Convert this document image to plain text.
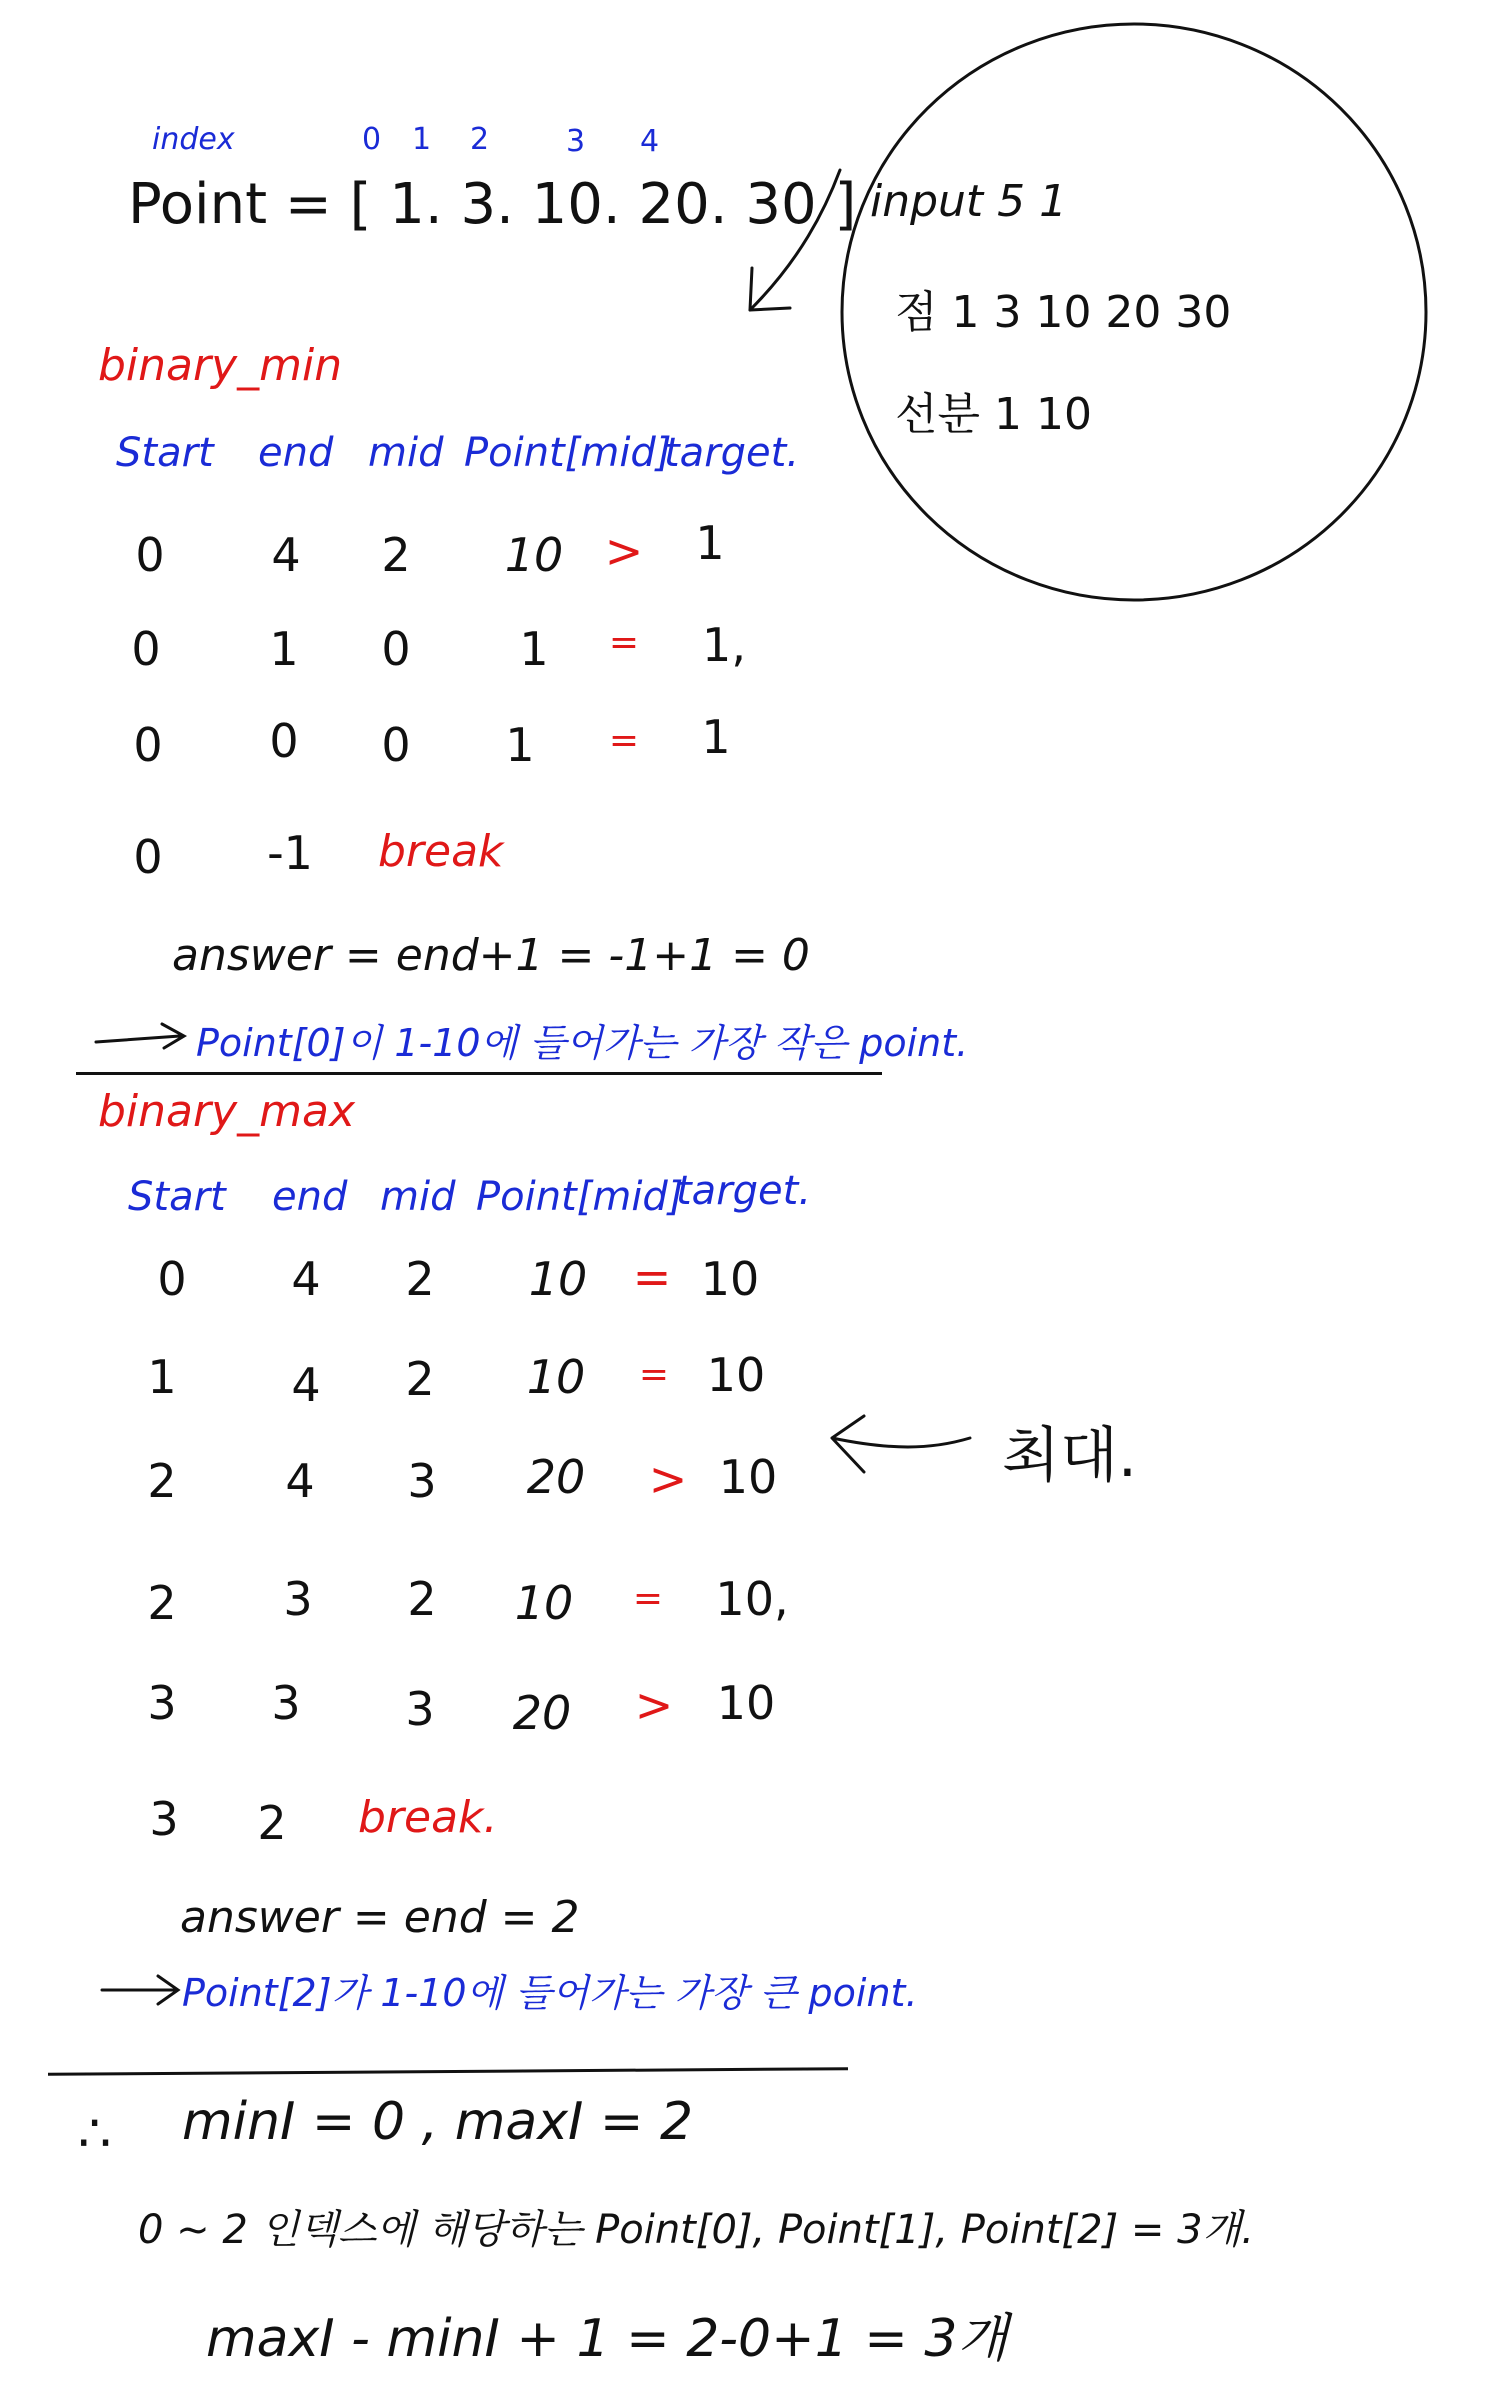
index	0 1 2	3 4
Point = [ 1. 3. 10. 20. 30 ] input 5 1
점 1 3 10 20 30
선분 1 10
binary_min
Start end mid Point[mid]
target.
0 4 2 10 > 1
0 1 0 1 = 1,
0 0 0 1 = 1
0 -1 break
answer = end+1 = -1+1 = 0
Point[0]이 1-10에 들어가는 가장 작은 point.
binary_max
Start end mid Point[mid]
target.
0 4 2 10 = 10
1 4 2 10 = 10
2 4 3 20 > 10
2 3 2 10 = 10,
3 3 3 20 > 10
3 2 break.
최대.
answer = end = 2
Point[2]가 1-10에 들어가는 가장 큰 point.
∴ minI = 0 , maxI = 2
0 ~ 2 인덱스에 해당하는 Point[0], Point[1], Point[2] = 3개.
maxI - minI + 1 = 2-0+1 = 3개
